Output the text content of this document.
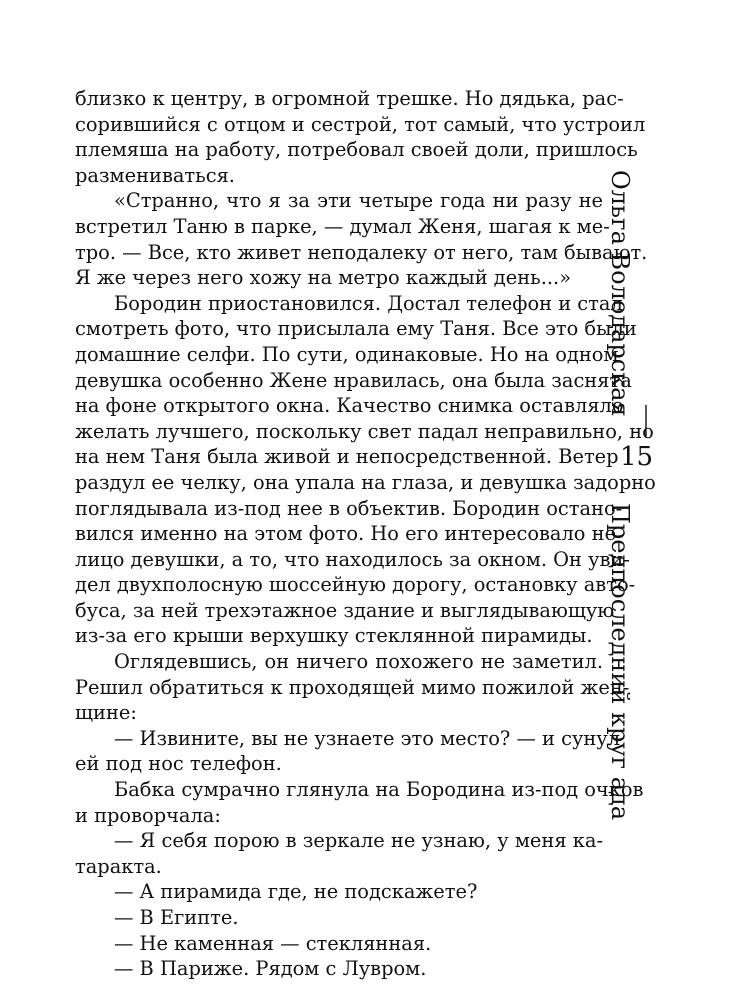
близко к центру, в огромной трешке. Но дядька, рас-
сорившийся с отцом и сестрой, тот самый, что устроил
племяша на работу, потребовал своей доли, пришлось
размениваться.
«Странно, что я за эти четыре года ни разу не
встретил Таню в парке, — думал Женя, шагая к ме-
тро. — Все, кто живет неподалеку от него, там бывают.
Я же через него хожу на метро каждый день...»
Бородин приостановился. Достал телефон и стал
смотреть фото, что присылала ему Таня. Все это были
домашние селфи. По сути, одинаковые. Но на одном
девушка особенно Жене нравилась, она была заснята
на фоне открытого окна. Качество снимка оставляло
желать лучшего, поскольку свет падал неправильно, но
на нем Таня была живой и непосредственной. Ветер
раздул ее челку, она упала на глаза, и девушка задорно
поглядывала из-под нее в объектив. Бородин остано-
вился именно на этом фото. Но его интересовало не
лицо девушки, а то, что находилось за окном. Он уви-
дел двухполосную шоссейную дорогу, остановку авто-
буса, за ней трехэтажное здание и выглядывающую
из-за его крыши верхушку стеклянной пирамиды.
Оглядевшись, он ничего похожего не заметил.
Решил обратиться к проходящей мимо пожилой жен-
щине:
— Извините, вы не узнаете это место? — и сунул
ей под нос телефон.
Бабка сумрачно глянула на Бородина из-под очков
и проворчала:
— Я себя порою в зеркале не узнаю, у меня ка-
таракта.
— А пирамида где, не подскажете?
— В Египте.
— Не каменная — стеклянная.
— В Париже. Рядом с Лувром.
Ольга Володарская
Предпоследний круг ада
15
